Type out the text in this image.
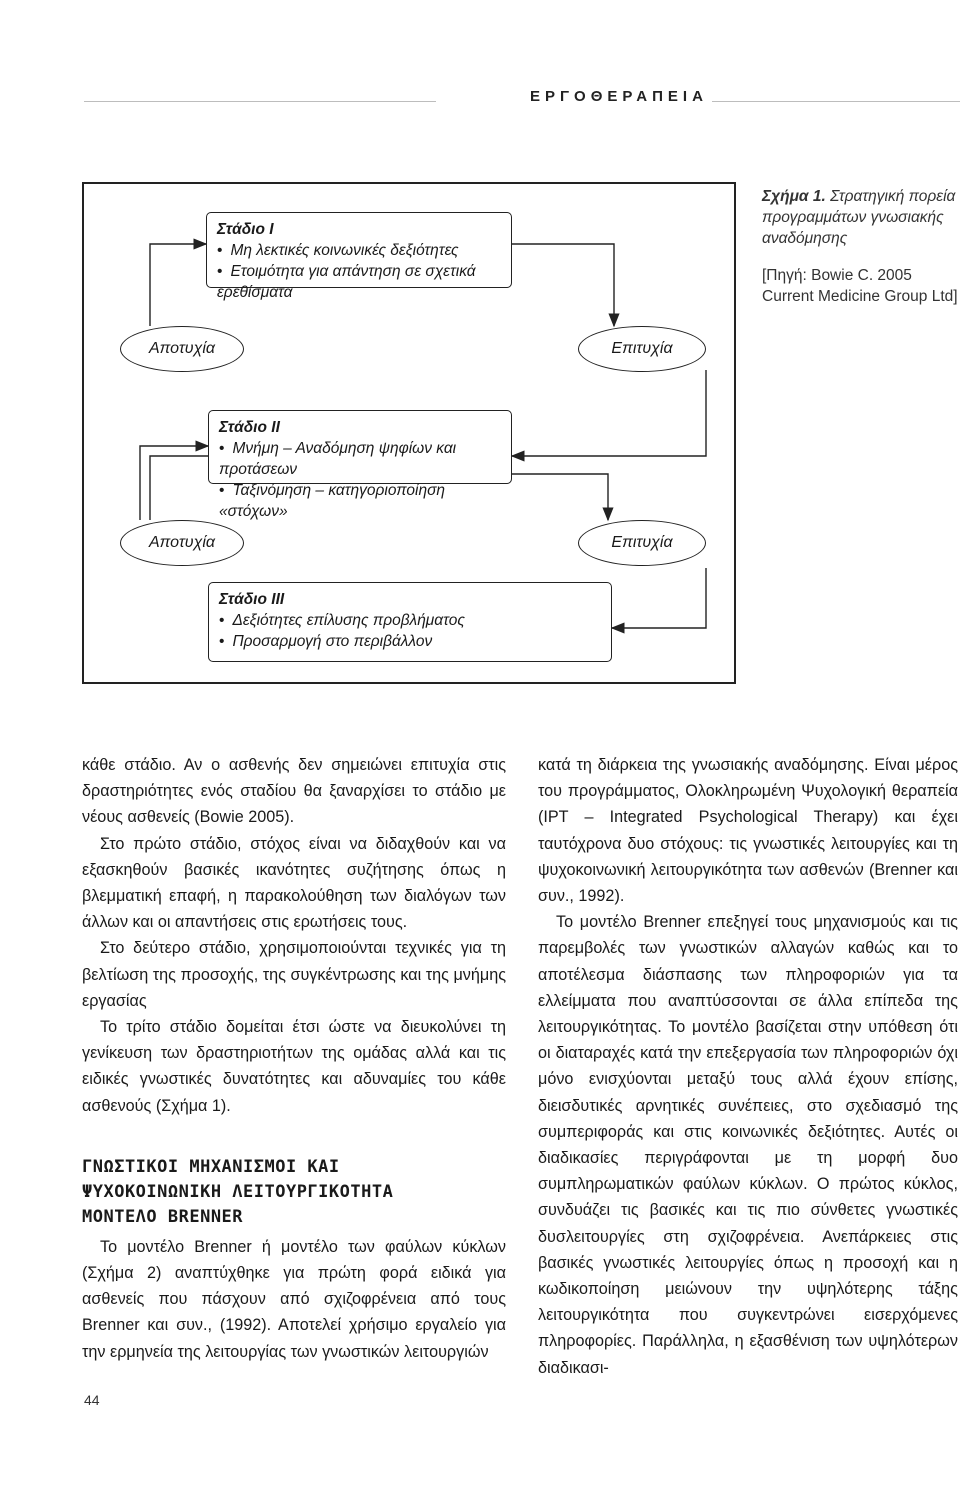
ΕΡΓΟΘΕΡΑΠΕΙΑ
Στάδιο I
• Μη λεκτικές κοινωνικές δεξιότητες
• Ετοιμότητα για απάντηση σε σχετικά ερεθίσματα
Αποτυχία	Επιτυχία
Στάδιο II
• Μνήμη – Αναδόμηση ψηφίων και προτάσεων
• Ταξινόμηση – κατηγοριοποίηση «στόχων»
Αποτυχία	Επιτυχία
Στάδιο III
• Δεξιότητες επίλυσης προβλήματος
• Προσαρμογή στο περιβάλλον
Σχήμα 1. Στρατηγική πορεία προγραμμάτων γνωσιακής αναδόμησης
[Πηγή: Bowie C. 2005 Current Medicine Group Ltd]

κάθε στάδιο. Αν ο ασθενής δεν σημειώνει επιτυχία στις δραστηριότητες ενός σταδίου θα ξαναρχίσει το στάδιο με νέους ασθενείς (Bowie 2005).

Στο πρώτο στάδιο, στόχος είναι να διδαχθούν και να εξασκηθούν βασικές ικανότητες συζήτησης όπως η βλεμματική επαφή, η παρακολούθηση των διαλόγων των άλλων και οι απαντήσεις στις ερωτήσεις τους.

Στο δεύτερο στάδιο, χρησιμοποιούνται τεχνικές για τη βελτίωση της προσοχής, της συγκέντρωσης και της μνήμης εργασίας

Το τρίτο στάδιο δομείται έτσι ώστε να διευκολύνει τη γενίκευση των δραστηριοτήτων της ομάδας αλλά και τις ειδικές γνωστικές δυνατότητες και αδυναμίες του κάθε ασθενούς (Σχήμα 1).

ΓΝΩΣΤΙΚΟΙ ΜΗΧΑΝΙΣΜΟΙ ΚΑΙ
ΨΥΧΟΚΟΙΝΩΝΙΚΗ ΛΕΙΤΟΥΡΓΙΚΟΤΗΤΑ
ΜΟΝΤΕΛΟ BRENNER

Το μοντέλο Brenner ή μοντέλο των φαύλων κύκλων (Σχήμα 2) αναπτύχθηκε για πρώτη φορά ειδικά για ασθενείς που πάσχουν από σχιζοφρένεια από τους Brenner και συν., (1992). Αποτελεί χρήσιμο εργαλείο για την ερμηνεία της λειτουργίας των γνωστικών λειτουργιών

κατά τη διάρκεια της γνωσιακής αναδόμησης. Είναι μέρος του προγράμματος, Ολοκληρωμένη Ψυχολογική θεραπεία (IPT – Integrated Psychological Therapy) και έχει ταυτόχρονα δυο στόχους: τις γνωστικές λειτουργίες και τη ψυχοκοινωνική λειτουργικότητα των ασθενών (Brenner και συν., 1992).

Το μοντέλο Brenner επεξηγεί τους μηχανισμούς και τις παρεμβολές των γνωστικών αλλαγών καθώς και το αποτέλεσμα διάσπασης των πληροφοριών για τα ελλείμματα που αναπτύσσονται σε άλλα επίπεδα της λειτουργικότητας. Το μοντέλο βασίζεται στην υπόθεση ότι οι διαταραχές κατά την επεξεργασία των πληροφοριών όχι μόνο ενισχύονται μεταξύ τους αλλά έχουν επίσης, διεισδυτικές αρνητικές συνέπειες, στο σχεδιασμό της συμπεριφοράς και στις κοινωνικές δεξιότητες. Αυτές οι διαδικασίες περιγράφονται με τη μορφή δυο συμπληρωματικών φαύλων κύκλων. Ο πρώτος κύκλος, συνδυάζει τις βασικές και τις πιο σύνθετες γνωστικές δυσλειτουργίες στη σχιζοφρένεια. Ανεπάρκειες στις βασικές γνωστικές λειτουργίες όπως η προσοχή και η κωδικοποίηση μειώνουν την υψηλότερης τάξης λειτουργικότητα που συγκεντρώνει εισερχόμενες πληροφορίες. Παράλληλα, η εξασθένιση των υψηλότερων διαδικασι-

44
